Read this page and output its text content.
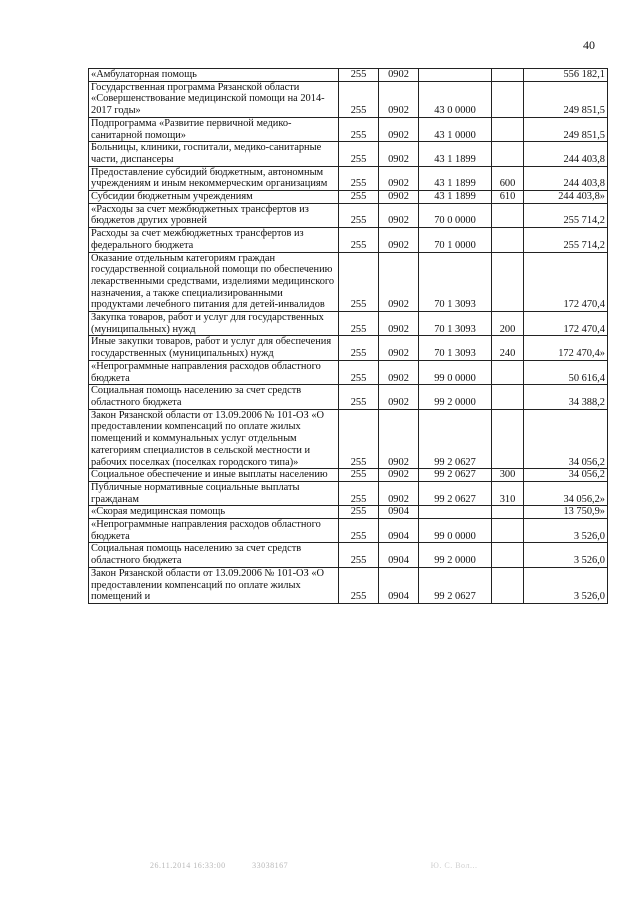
40
«Амбулаторная помощь	255	0902			556 182,1
Государственная программа Рязанской области «Совершенствование медицинской помощи на 2014-2017 годы»	255	0902	43 0 0000		249 851,5
Подпрограмма «Развитие первичной медико-санитарной помощи»	255	0902	43 1 0000		249 851,5
Больницы, клиники, госпитали, медико-санитарные части, диспансеры	255	0902	43 1 1899		244 403,8
Предоставление субсидий бюджетным, автономным учреждениям и иным некоммерческим организациям	255	0902	43 1 1899	600	244 403,8
Субсидии бюджетным учреждениям	255	0902	43 1 1899	610	244 403,8»
«Расходы за счет межбюджетных трансфертов из бюджетов других уровней	255	0902	70 0 0000		255 714,2
Расходы за счет межбюджетных трансфертов из федерального бюджета	255	0902	70 1 0000		255 714,2
Оказание отдельным категориям граждан государственной социальной помощи по обеспечению лекарственными средствами, изделиями медицинского назначения, а также специализированными продуктами лечебного питания для детей-инвалидов	255	0902	70 1 3093		172 470,4
Закупка товаров, работ и услуг для государственных (муниципальных) нужд	255	0902	70 1 3093	200	172 470,4
Иные закупки товаров, работ и услуг для обеспечения государственных (муниципальных) нужд	255	0902	70 1 3093	240	172 470,4»
«Непрограммные направления расходов областного бюджета	255	0902	99 0 0000		50 616,4
Социальная помощь населению за счет средств областного бюджета	255	0902	99 2 0000		34 388,2
Закон Рязанской области от 13.09.2006 № 101-ОЗ «О предоставлении компенсаций по оплате жилых помещений и коммунальных услуг отдельным категориям специалистов в сельской местности и рабочих поселках (поселках городского типа)»	255	0902	99 2 0627		34 056,2
Социальное обеспечение и иные выплаты населению	255	0902	99 2 0627	300	34 056,2
Публичные нормативные социальные выплаты гражданам	255	0902	99 2 0627	310	34 056,2»
«Скорая медицинская помощь	255	0904			13 750,9»
«Непрограммные направления расходов областного бюджета	255	0904	99 0 0000		3 526,0
Социальная помощь населению за счет средств областного бюджета	255	0904	99 2 0000		3 526,0
Закон Рязанской области от 13.09.2006 № 101-ОЗ «О предоставлении компенсаций по оплате жилых помещений и	255	0904	99 2 0627		3 526,0
26.11.2014 16:33:00	33038167	Ю. С. Вол...
